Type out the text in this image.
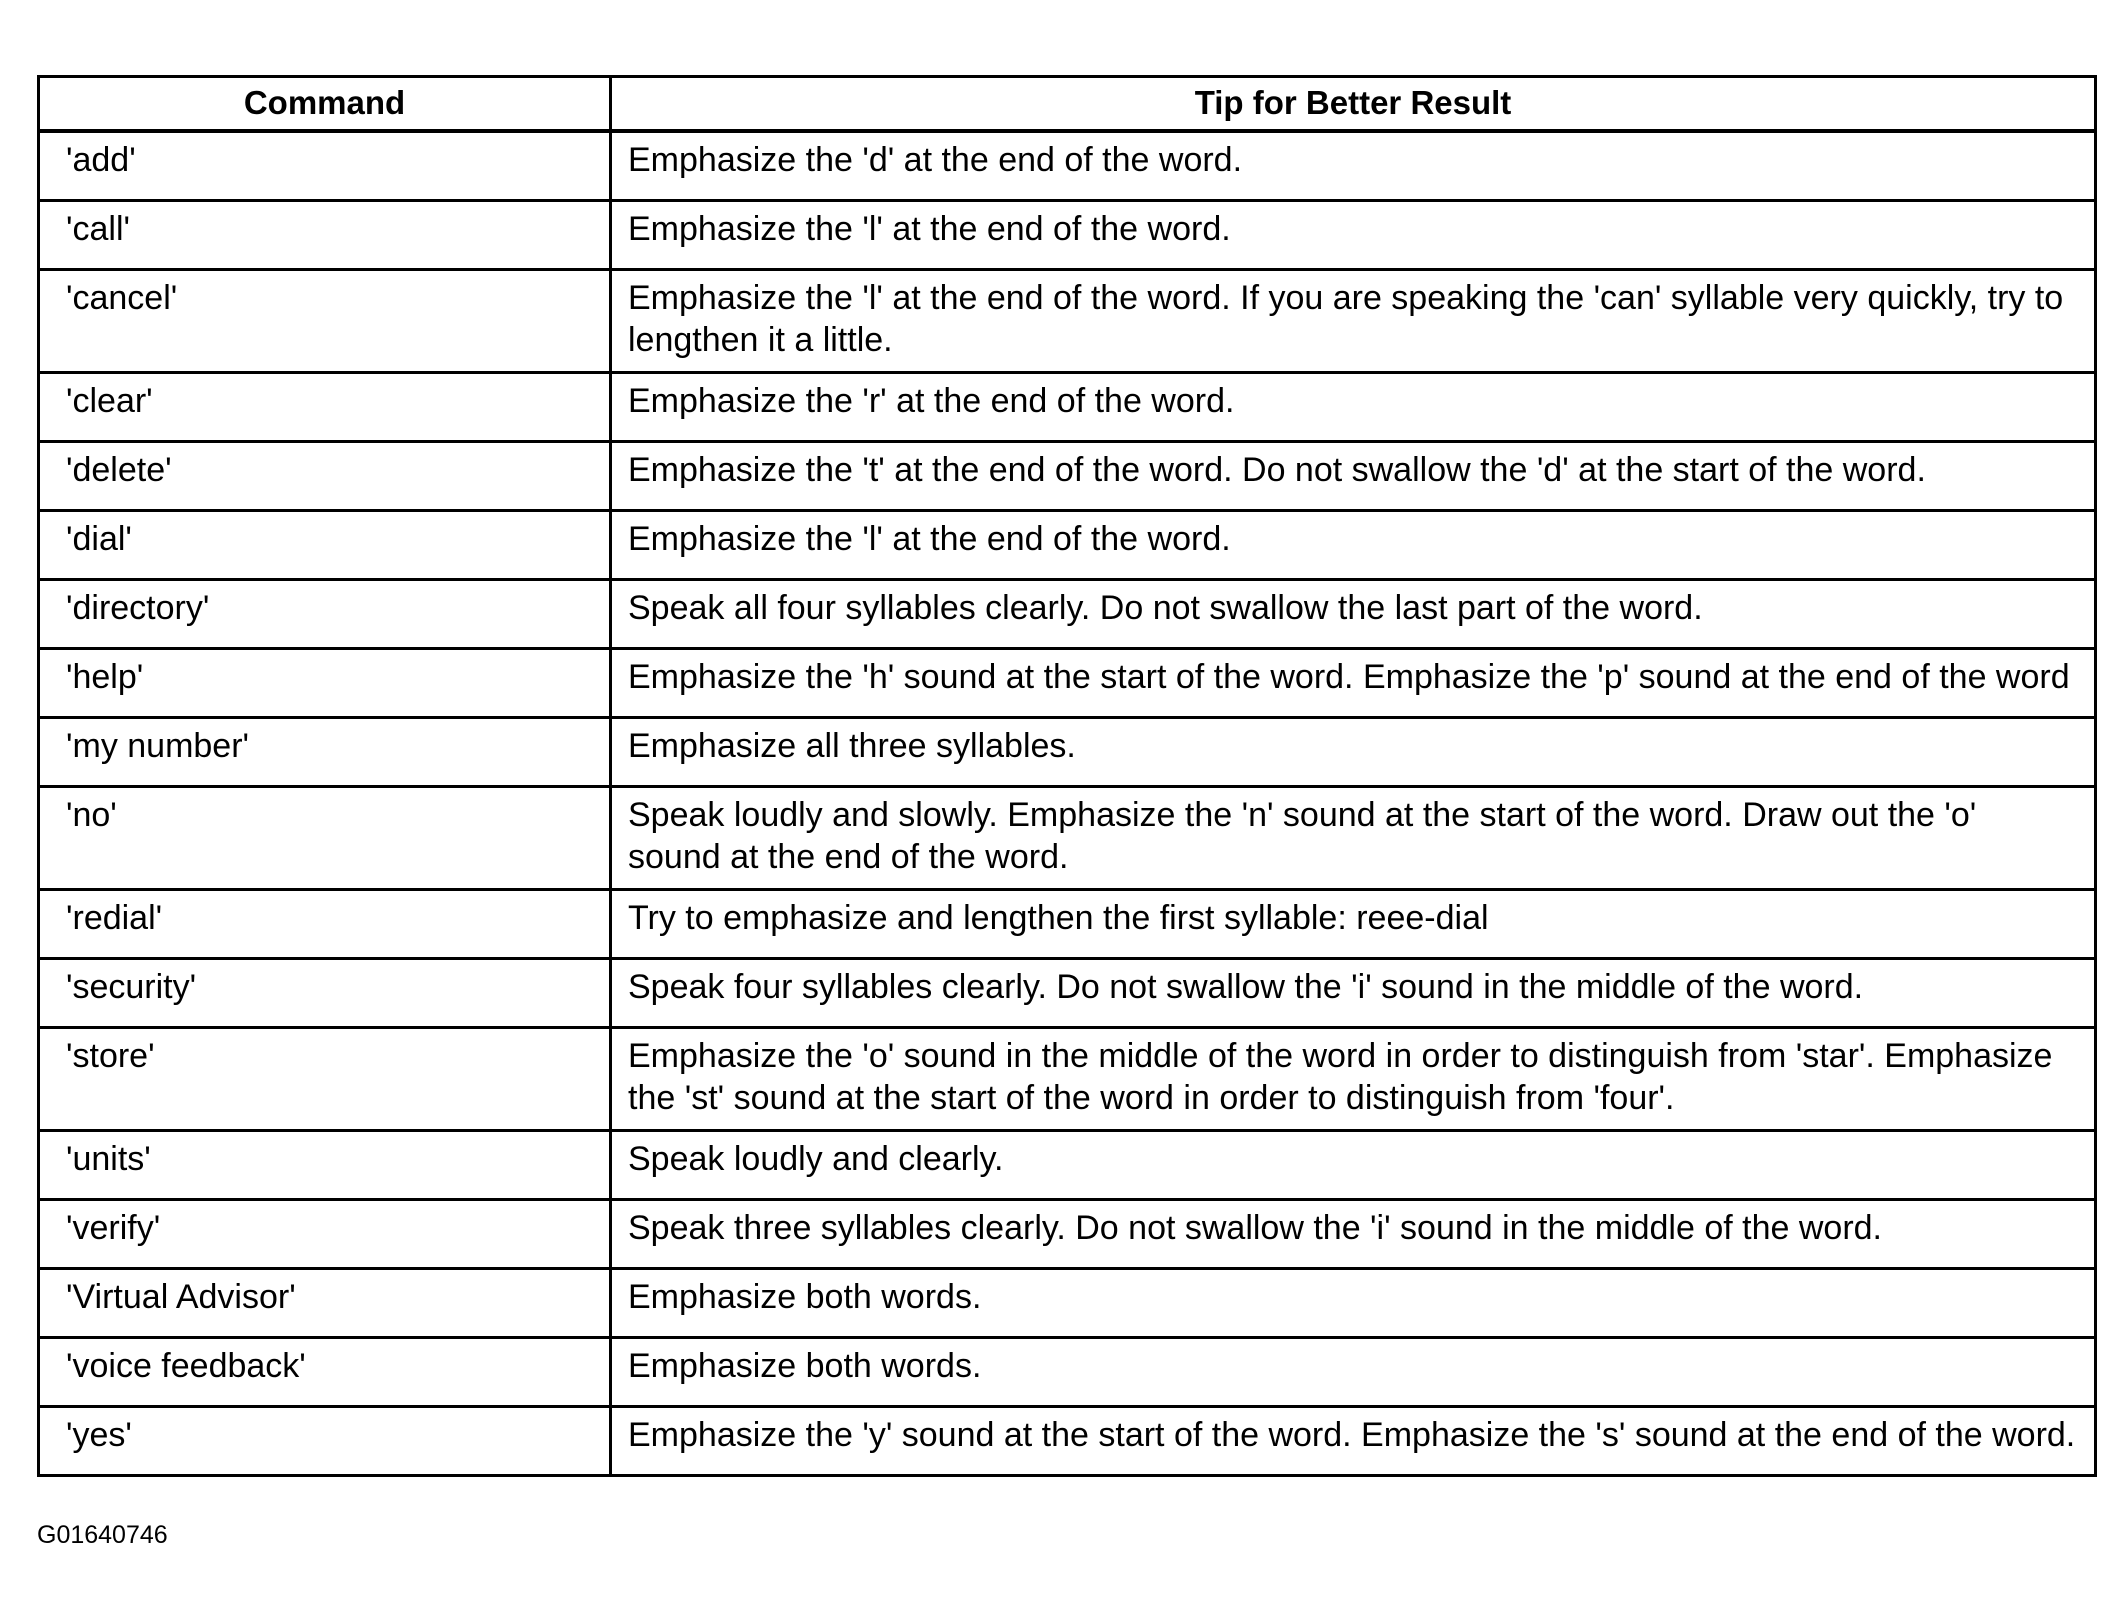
Command	Tip for Better Result
'add'	Emphasize the 'd' at the end of the word.
'call'	Emphasize the 'l' at the end of the word.
'cancel'	Emphasize the 'l' at the end of the word. If you are speaking the 'can' syllable very quickly, try to lengthen it a little.
'clear'	Emphasize the 'r' at the end of the word.
'delete'	Emphasize the 't' at the end of the word. Do not swallow the 'd' at the start of the word.
'dial'	Emphasize the 'l' at the end of the word.
'directory'	Speak all four syllables clearly. Do not swallow the last part of the word.
'help'	Emphasize the 'h' sound at the start of the word. Emphasize the 'p' sound at the end of the word
'my number'	Emphasize all three syllables.
'no'	Speak loudly and slowly. Emphasize the 'n' sound at the start of the word. Draw out the 'o' sound at the end of the word.
'redial'	Try to emphasize and lengthen the first syllable: reee-dial
'security'	Speak four syllables clearly. Do not swallow the 'i' sound in the middle of the word.
'store'	Emphasize the 'o' sound in the middle of the word in order to distinguish from 'star'. Emphasize the 'st' sound at the start of the word in order to distinguish from 'four'.
'units'	Speak loudly and clearly.
'verify'	Speak three syllables clearly. Do not swallow the 'i' sound in the middle of the word.
'Virtual Advisor'	Emphasize both words.
'voice feedback'	Emphasize both words.
'yes'	Emphasize the 'y' sound at the start of the word. Emphasize the 's' sound at the end of the word.
G01640746
